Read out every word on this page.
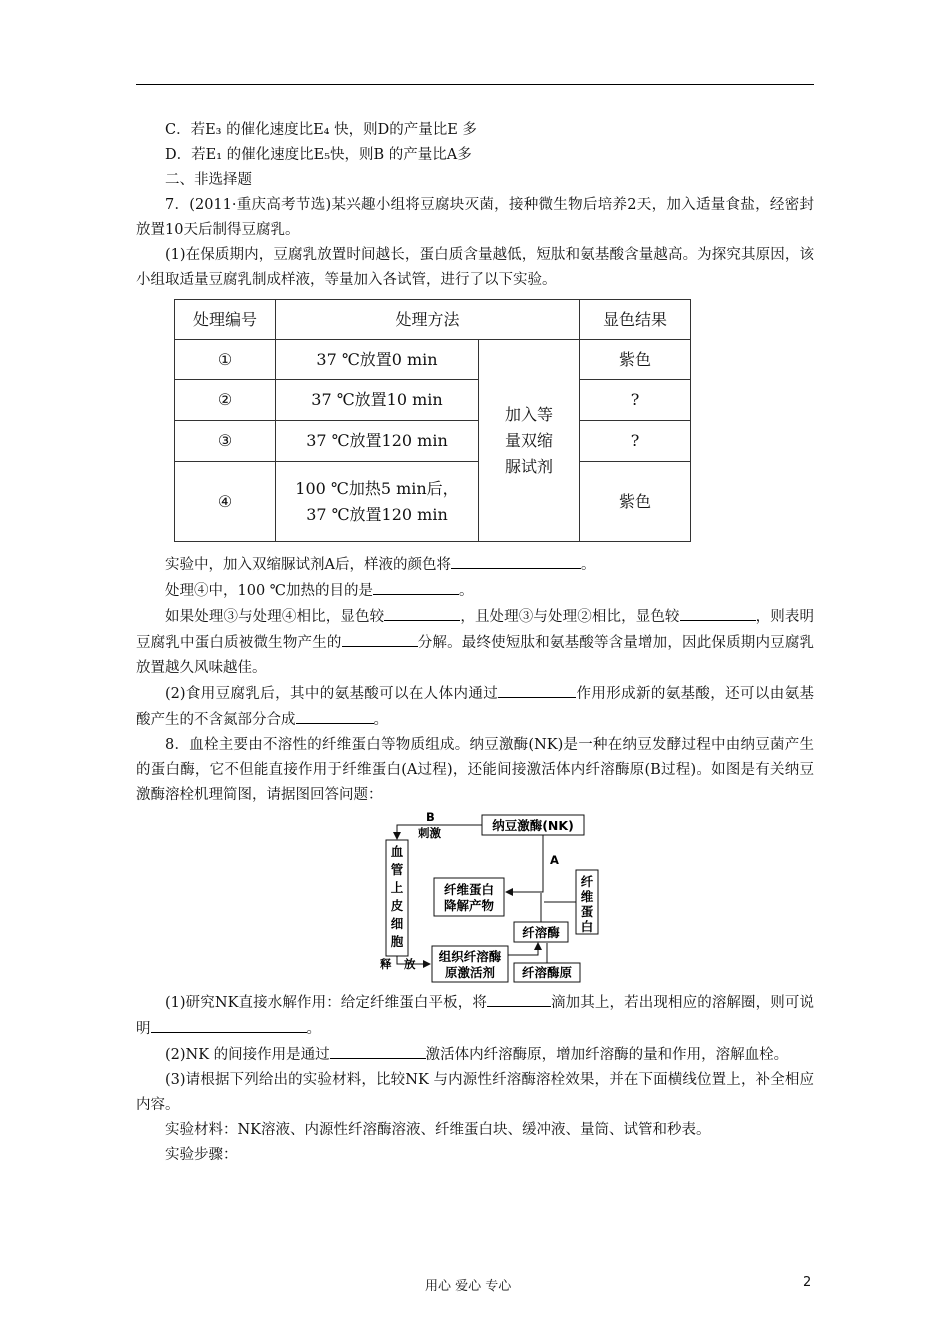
C．若E₃ 的催化速度比E₄ 快，则D的产量比E 多

D．若E₁ 的催化速度比E₅快，则B 的产量比A多

二、非选择题

7．(2011·重庆高考节选)某兴趣小组将豆腐块灭菌，接种微生物后培养2天，加入适量食盐，经密封放置10天后制得豆腐乳。

(1)在保质期内，豆腐乳放置时间越长，蛋白质含量越低，短肽和氨基酸含量越高。为探究其原因，该小组取适量豆腐乳制成样液，等量加入各试管，进行了以下实验。

处理编号	处理方法		显色结果
①	37 ℃放置0 min	加入等
量双缩
脲试剂	紫色
②	37 ℃放置10 min		?
③	37 ℃放置120 min		?
④	100 ℃加热5 min后，
37 ℃放置120 min		紫色

实验中，加入双缩脲试剂A后，样液的颜色将	。

处理④中，100 ℃加热的目的是	。

如果处理③与处理④相比，显色较	，且处理③与处理②相比，显色较	，则表明豆腐乳中蛋白质被微生物产生的	分解。最终使短肽和氨基酸等含量增加，因此保质期内豆腐乳放置越久风味越佳。

(2)食用豆腐乳后，其中的氨基酸可以在人体内通过	作用形成新的氨基酸，还可以由氨基酸产生的不含氮部分合成	。

8．血栓主要由不溶性的纤维蛋白等物质组成。纳豆激酶(NK)是一种在纳豆发酵过程中由纳豆菌产生的蛋白酶，它不但能直接作用于纤维蛋白(A过程)，还能间接激活体内纤溶酶原(B过程)。如图是有关纳豆激酶溶栓机理简图，请据图回答问题：

纳豆激酶(NK)
血
管
上
皮
细
胞
纤
维
蛋
白
纤维蛋白
降解产物
纤溶酶
组织纤溶酶
原激活剂 纤溶酶原
B
刺激
A
释 放

(1)研究NK直接水解作用：给定纤维蛋白平板，将	滴加其上，若出现相应的溶解圈，则可说明	。

(2)NK 的间接作用是通过	激活体内纤溶酶原，增加纤溶酶的量和作用，溶解血栓。

(3)请根据下列给出的实验材料，比较NK 与内源性纤溶酶溶栓效果，并在下面横线位置上，补全相应内容。

实验材料：NK溶液、内源性纤溶酶溶液、纤维蛋白块、缓冲液、量筒、试管和秒表。

实验步骤：

用心 爱心 专心	2
